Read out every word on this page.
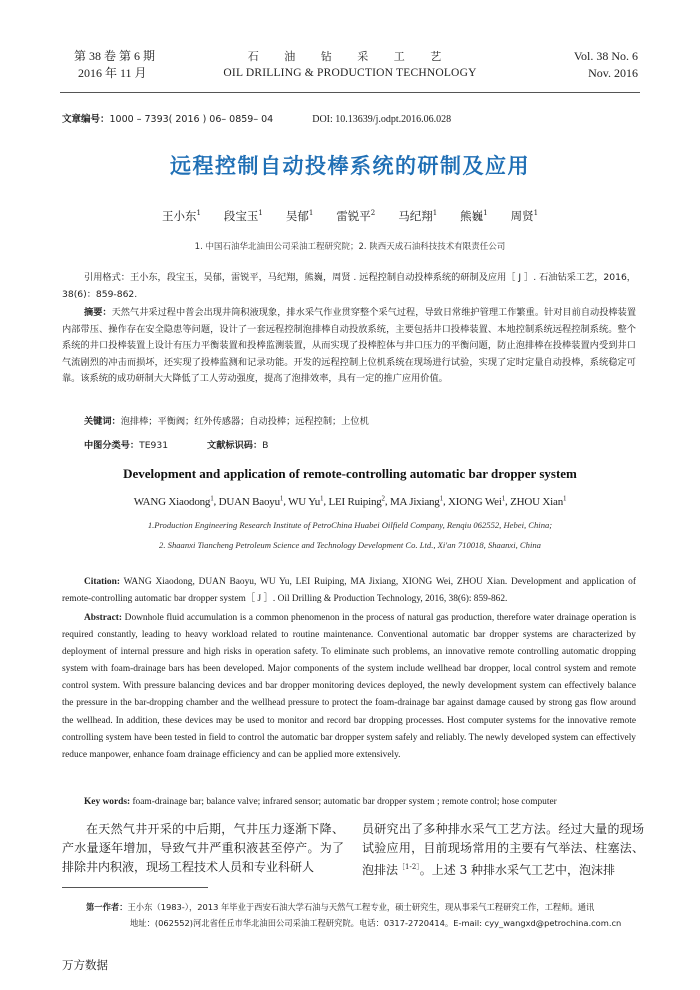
第 38 卷 第 6 期
2016 年 11 月
石 油 钻 采 工 艺
OIL DRILLING & PRODUCTION TECHNOLOGY
Vol. 38 No. 6
Nov. 2016
文章编号：1000 – 7393( 2016 ) 06– 0859– 04	DOI: 10.13639/j.odpt.2016.06.028
远程控制自动投棒系统的研制及应用
王小东$^1$ 段宝玉$^1$ 吴郁$^1$ 雷锐平$^2$ 马纪翔$^1$ 熊巍$^1$ 周贤$^1$
1. 中国石油华北油田公司采油工程研究院；2. 陕西天成石油科技技术有限责任公司
引用格式：王小东，段宝玉，吴郁，雷锐平，马纪翔，熊巍，周贤 . 远程控制自动投棒系统的研制及应用［ J ］. 石油钻采工艺，2016，38(6)：859-862.
摘要：天然气井采过程中普会出现井筒积液现象，排水采气作业贯穿整个采气过程，导致日常维护管理工作繁重。针对目前自动投棒装置内部带压、操作存在安全隐患等问题，设计了一套远程控制泡排棒自动投放系统，主要包括井口投棒装置、本地控制系统远程控制系统。整个系统的井口投棒装置上设计有压力平衡装置和投棒监测装置，从而实现了投棒腔体与井口压力的平衡问题，防止泡排棒在投棒装置内受到井口气流剧烈的冲击而损坏，还实现了投棒监测和记录功能。开发的远程控制上位机系统在现场进行试验，实现了定时定量自动投棒，系统稳定可靠。该系统的成功研制大大降低了工人劳动强度，提高了泡排效率，具有一定的推广应用价值。
关键词：泡排棒；平衡阀；红外传感器；自动投棒；远程控制；上位机
中图分类号：TE931	文献标识码：B
Development and application of remote-controlling automatic bar dropper system
WANG Xiaodong$^1$, DUAN Baoyu$^1$, WU Yu$^1$, LEI Ruiping$^2$, MA Jixiang$^1$, XIONG Wei$^1$, ZHOU Xian$^1$
1.Production Engineering Research Institute of PetroChina Huabei Oilfield Company, Renqiu 062552, Hebei, China;
2. Shaanxi Tiancheng Petroleum Science and Technology Development Co. Ltd., Xi'an 710018, Shaanxi, China
Citation: WANG Xiaodong, DUAN Baoyu, WU Yu, LEI Ruiping, MA Jixiang, XIONG Wei, ZHOU Xian. Development and application of remote-controlling automatic bar dropper system［ J ］. Oil Drilling & Production Technology, 2016, 38(6): 859-862.
Abstract: Downhole fluid accumulation is a common phenomenon in the process of natural gas production, therefore water drainage operation is required constantly, leading to heavy workload related to routine maintenance. Conventional automatic bar dropper systems are characterized by deployment of internal pressure and high risks in operation safety. To eliminate such problems, an innovative remote controlling automatic dropping system with foam-drainage bars has been developed. Major components of the system include wellhead bar dropper, local control system and remote control system. With pressure balancing devices and bar dropper monitoring devices deployed, the newly development system can effectively balance the pressure in the bar-dropping chamber and the wellhead pressure to protect the foam-drainage bar against damage caused by strong gas flow around the wellhead. In addition, these devices may be used to monitor and record bar dropping processes. Host computer systems for the innovative remote controlling system have been tested in field to control the automatic bar dropper system safely and reliably. The newly developed system can effectively reduce manpower, enhance foam drainage efficiency and can be applied more extensively.
Key words: foam-drainage bar; balance valve; infrared sensor; automatic bar dropper system ; remote control; hose computer
在天然气井开采的中后期，气井压力逐渐下降、产水量逐年增加，导致气井严重积液甚至停产。为了排除井内积液，现场工程技术人员和专业科研人
员研究出了多种排水采气工艺方法。经过大量的现场试验应用，目前现场常用的主要有气举法、柱塞法、泡排法$^{[1-2]}$。上述 3 种排水采气工艺中，泡沫排
第一作者：王小东（1983-），2013 年毕业于西安石油大学石油与天然气工程专业，硕士研究生，现从事采气工程研究工作，工程师。通讯
地址：(062552)河北省任丘市华北油田公司采油工程研究院。电话：0317-2720414。E-mail: cyy_wangxd@petrochina.com.cn
万方数据
